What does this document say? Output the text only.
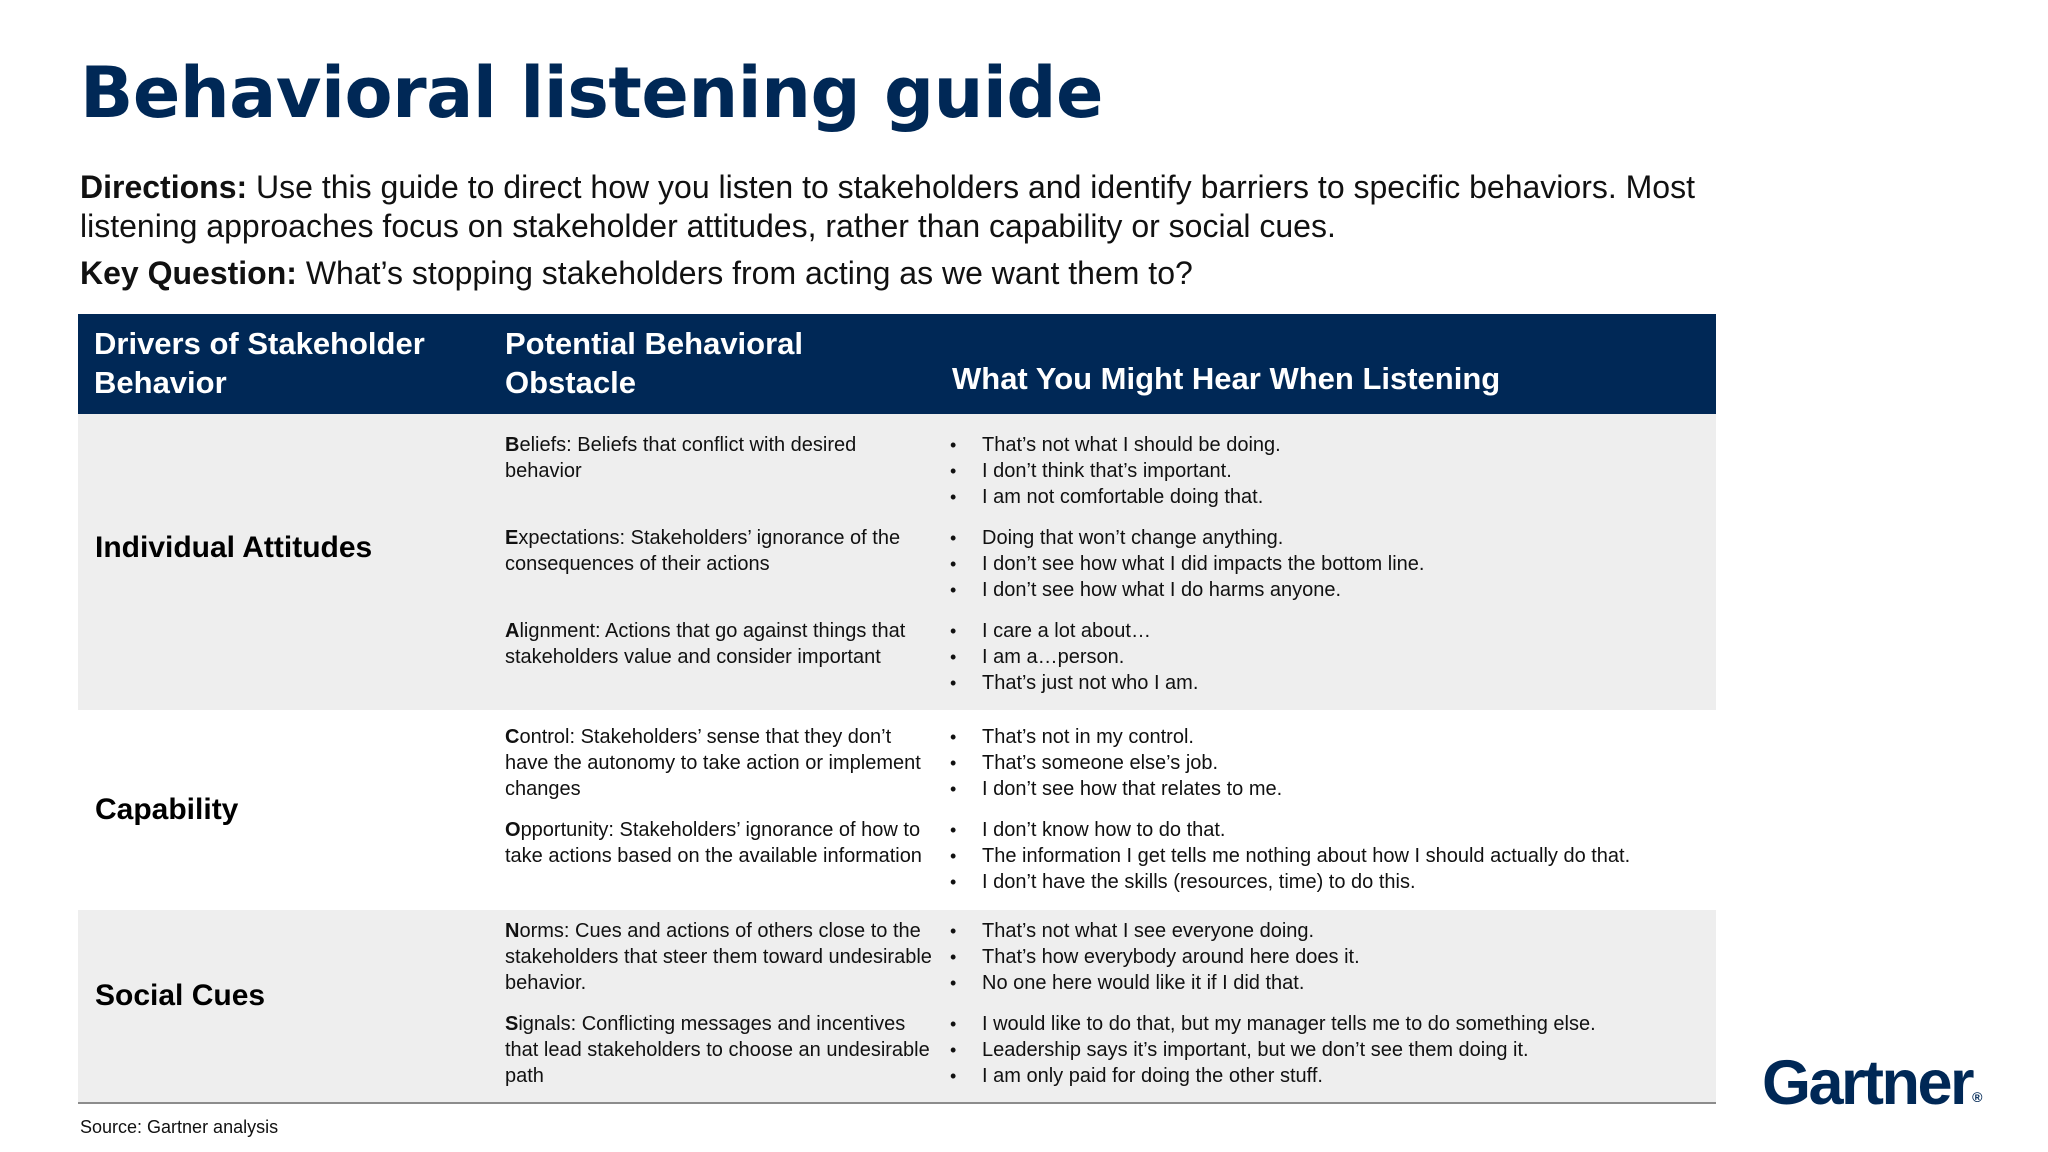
Behavioral listening guide
Directions: Use this guide to direct how you listen to stakeholders and identify barriers to specific behaviors. Most listening approaches focus on stakeholder attitudes, rather than capability or social cues.
Key Question: What’s stopping stakeholders from acting as we want them to?
Drivers of Stakeholder Behavior
Potential Behavioral Obstacle	What You Might Hear When Listening
Individual Attitudes
Beliefs: Beliefs that conflict with desired behavior
• That’s not what I should be doing.
• I don’t think that’s important.
• I am not comfortable doing that.
Expectations: Stakeholders’ ignorance of the consequences of their actions
• Doing that won’t change anything.
• I don’t see how what I did impacts the bottom line.
• I don’t see how what I do harms anyone.
Alignment: Actions that go against things that stakeholders value and consider important
• I care a lot about…
• I am a…person.
• That’s just not who I am.
Capability
Control: Stakeholders’ sense that they don’t have the autonomy to take action or implement changes
• That’s not in my control.
• That’s someone else’s job.
• I don’t see how that relates to me.
Opportunity: Stakeholders’ ignorance of how to take actions based on the available information
• I don’t know how to do that.
• The information I get tells me nothing about how I should actually do that.
• I don’t have the skills (resources, time) to do this.
Social Cues
Norms: Cues and actions of others close to the stakeholders that steer them toward undesirable behavior.
• That’s not what I see everyone doing.
• That’s how everybody around here does it.
• No one here would like it if I did that.
Signals: Conflicting messages and incentives that lead stakeholders to choose an undesirable path
• I would like to do that, but my manager tells me to do something else.
• Leadership says it’s important, but we don’t see them doing it.
• I am only paid for doing the other stuff.
Source: Gartner analysis
Gartner®
